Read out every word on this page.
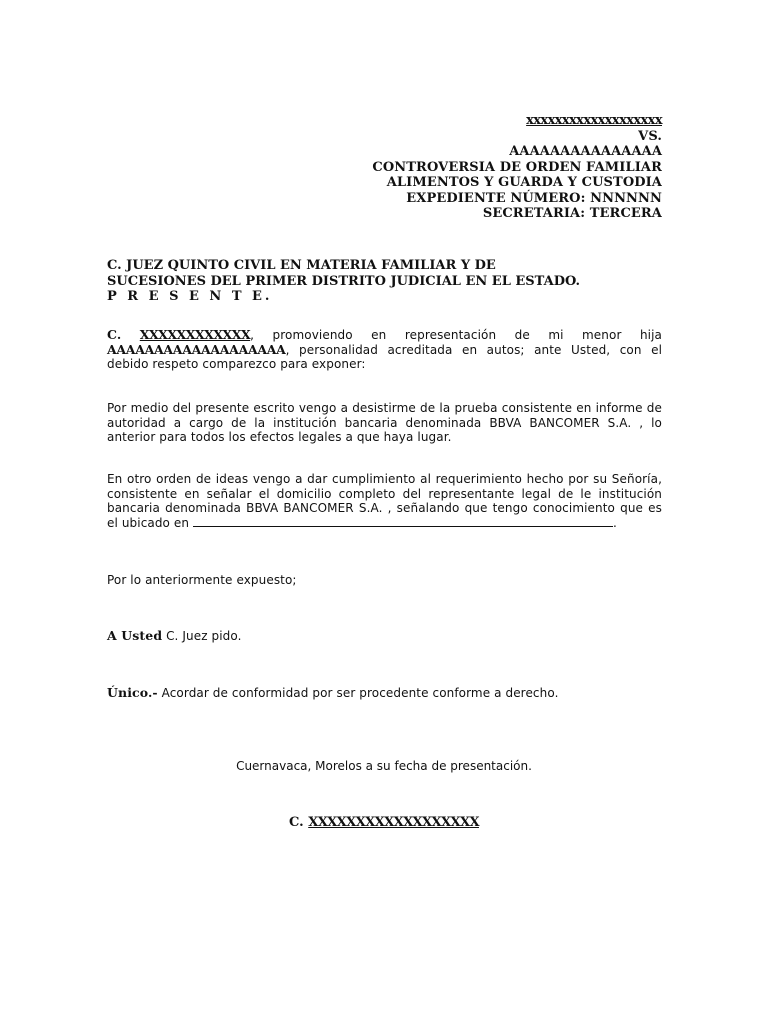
xxxxxxxxxxxxxxxxxxx
VS.
AAAAAAAAAAAAAAA
CONTROVERSIA DE ORDEN FAMILIAR
ALIMENTOS Y GUARDA Y CUSTODIA
EXPEDIENTE NÚMERO: NNNNNN
SECRETARIA: TERCERA
C. JUEZ QUINTO CIVIL EN MATERIA FAMILIAR Y DE
SUCESIONES DEL PRIMER DISTRITO JUDICIAL EN EL ESTADO.
P R E S E N T E.
C. XXXXXXXXXXXX, promoviendo en representación de mi menor hija AAAAAAAAAAAAAAAAAAA, personalidad acreditada en autos; ante Usted, con el debido respeto comparezco para exponer:
Por medio del presente escrito vengo a desistirme de la prueba consistente en informe de autoridad a cargo de la institución bancaria denominada BBVA BANCOMER S.A. , lo anterior para todos los efectos legales a que haya lugar.
En otro orden de ideas vengo a dar cumplimiento al requerimiento hecho por su Señoría, consistente en señalar el domicilio completo del representante legal de le institución bancaria denominada BBVA BANCOMER S.A. , señalando que tengo conocimiento que es el ubicado en	.
Por lo anteriormente expuesto;
A Usted C. Juez pido.
Único.- Acordar de conformidad por ser procedente conforme a derecho.
Cuernavaca, Morelos a su fecha de presentación.
C. XXXXXXXXXXXXXXXXXX
